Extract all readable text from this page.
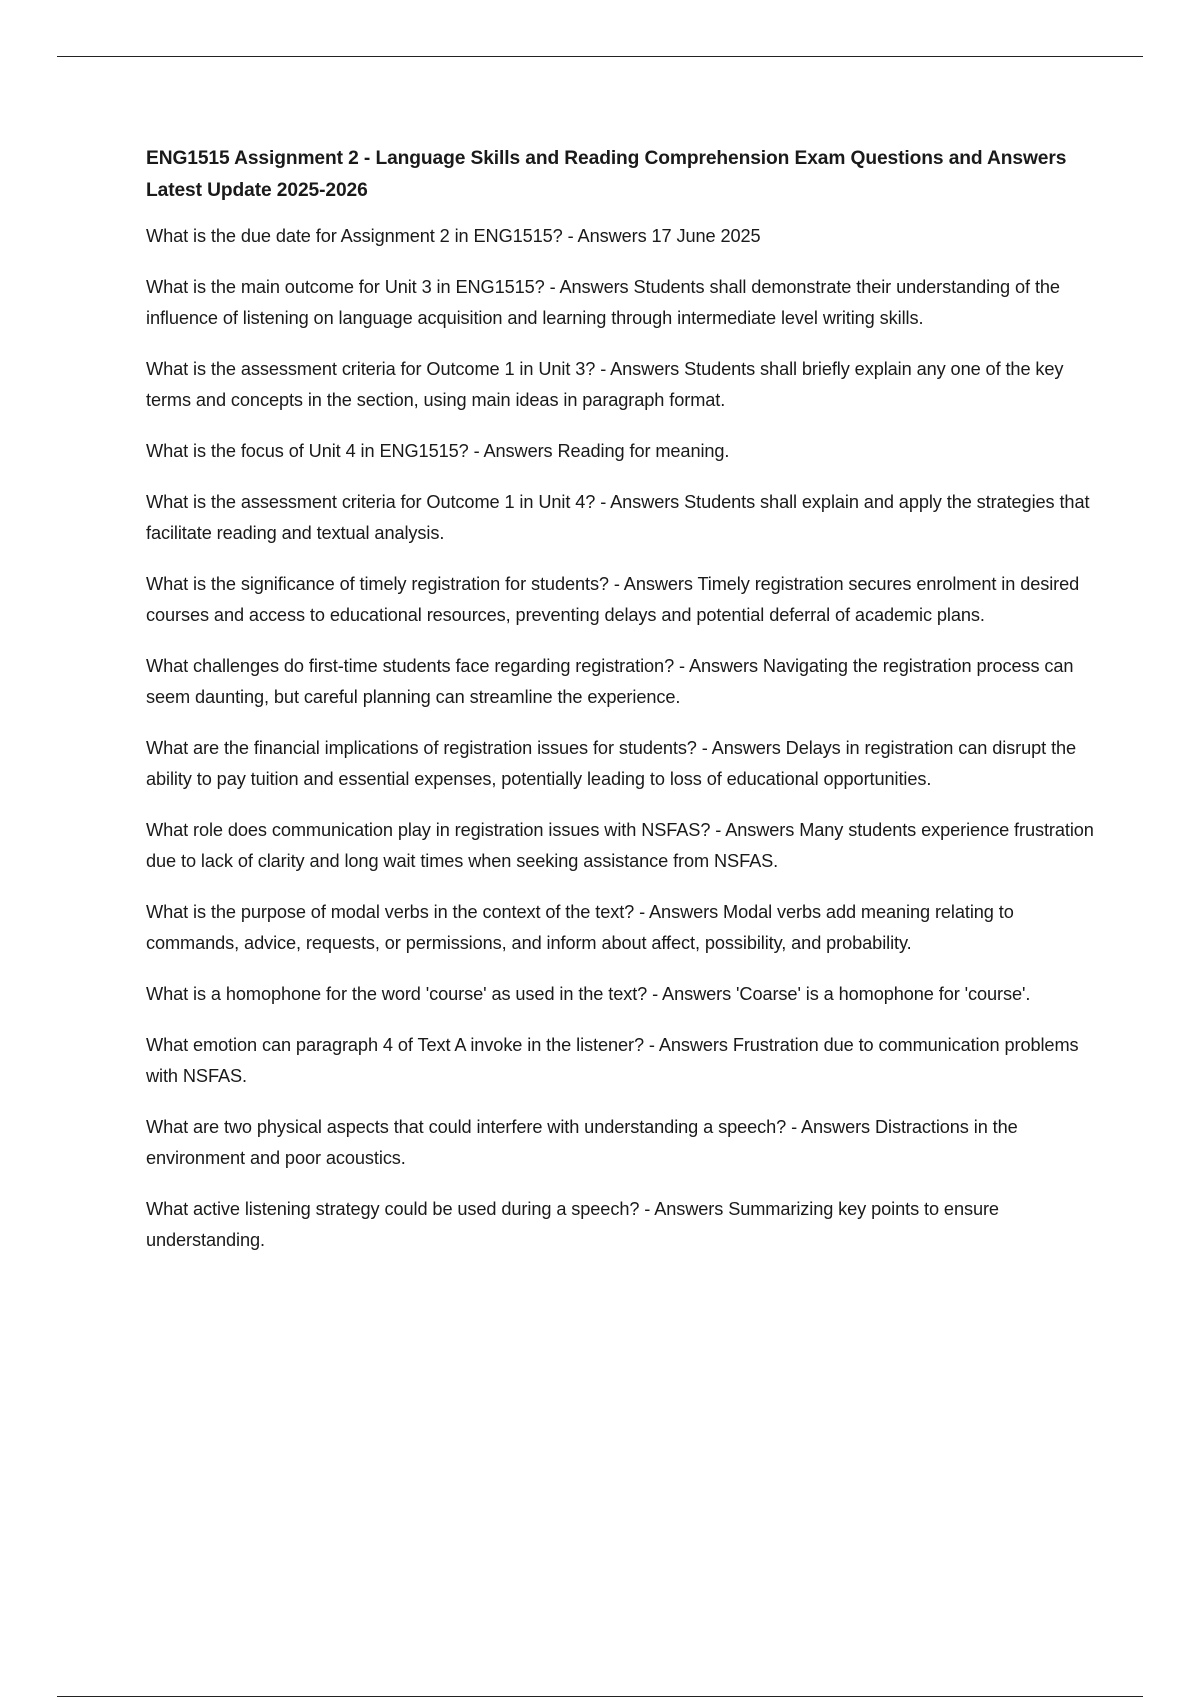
ENG1515 Assignment 2 - Language Skills and Reading Comprehension Exam Questions and Answers Latest Update 2025-2026
What is the due date for Assignment 2 in ENG1515? - Answers 17 June 2025
What is the main outcome for Unit 3 in ENG1515? - Answers Students shall demonstrate their understanding of the influence of listening on language acquisition and learning through intermediate level writing skills.
What is the assessment criteria for Outcome 1 in Unit 3? - Answers Students shall briefly explain any one of the key terms and concepts in the section, using main ideas in paragraph format.
What is the focus of Unit 4 in ENG1515? - Answers Reading for meaning.
What is the assessment criteria for Outcome 1 in Unit 4? - Answers Students shall explain and apply the strategies that facilitate reading and textual analysis.
What is the significance of timely registration for students? - Answers Timely registration secures enrolment in desired courses and access to educational resources, preventing delays and potential deferral of academic plans.
What challenges do first-time students face regarding registration? - Answers Navigating the registration process can seem daunting, but careful planning can streamline the experience.
What are the financial implications of registration issues for students? - Answers Delays in registration can disrupt the ability to pay tuition and essential expenses, potentially leading to loss of educational opportunities.
What role does communication play in registration issues with NSFAS? - Answers Many students experience frustration due to lack of clarity and long wait times when seeking assistance from NSFAS.
What is the purpose of modal verbs in the context of the text? - Answers Modal verbs add meaning relating to commands, advice, requests, or permissions, and inform about affect, possibility, and probability.
What is a homophone for the word 'course' as used in the text? - Answers 'Coarse' is a homophone for 'course'.
What emotion can paragraph 4 of Text A invoke in the listener? - Answers Frustration due to communication problems with NSFAS.
What are two physical aspects that could interfere with understanding a speech? - Answers Distractions in the environment and poor acoustics.
What active listening strategy could be used during a speech? - Answers Summarizing key points to ensure understanding.
